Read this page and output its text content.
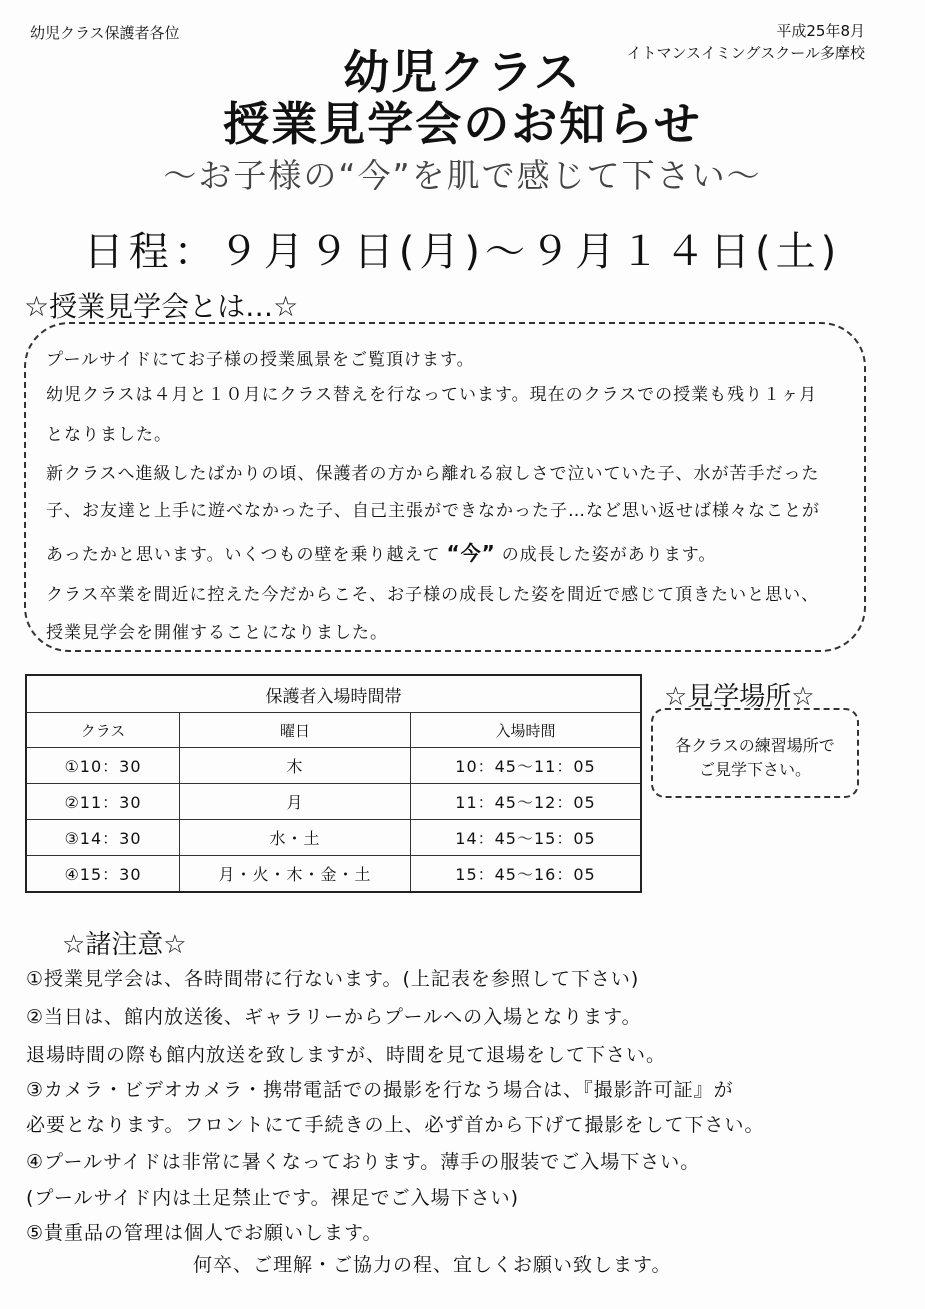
幼児クラス保護者各位	平成25年8月
イトマンスイミングスクール多摩校
幼児クラス
授業見学会のお知らせ
～お子様の“今”を肌で感じて下さい～
日程：９月９日(月)～９月１４日(土)
☆授業見学会とは…☆
プールサイドにてお子様の授業風景をご覧頂けます。
幼児クラスは４月と１０月にクラス替えを行なっています。現在のクラスでの授業も残り１ヶ月
となりました。
新クラスへ進級したばかりの頃、保護者の方から離れる寂しさで泣いていた子、水が苦手だった
子、お友達と上手に遊べなかった子、自己主張ができなかった子…など思い返せば様々なことが
あったかと思います。いくつもの壁を乗り越えて “今” の成長した姿があります。
クラス卒業を間近に控えた今だからこそ、お子様の成長した姿を間近で感じて頂きたいと思い、
授業見学会を開催することになりました。
保護者入場時間帯		
クラス	曜日	入場時間
①10：30	木	10：45～11：05
②11：30	月	11：45～12：05
③14：30	水・土	14：45～15：05
④15：30	月・火・木・金・土	15：45～16：05
☆見学場所☆
各クラスの練習場所で
ご見学下さい。
☆諸注意☆
①授業見学会は、各時間帯に行ないます。(上記表を参照して下さい)
②当日は、館内放送後、ギャラリーからプールへの入場となります。
退場時間の際も館内放送を致しますが、時間を見て退場をして下さい。
③カメラ・ビデオカメラ・携帯電話での撮影を行なう場合は、『撮影許可証』が
必要となります。フロントにて手続きの上、必ず首から下げて撮影をして下さい。
④プールサイドは非常に暑くなっております。薄手の服装でご入場下さい。
(プールサイド内は土足禁止です。裸足でご入場下さい)
⑤貴重品の管理は個人でお願いします。
何卒、ご理解・ご協力の程、宜しくお願い致します。
